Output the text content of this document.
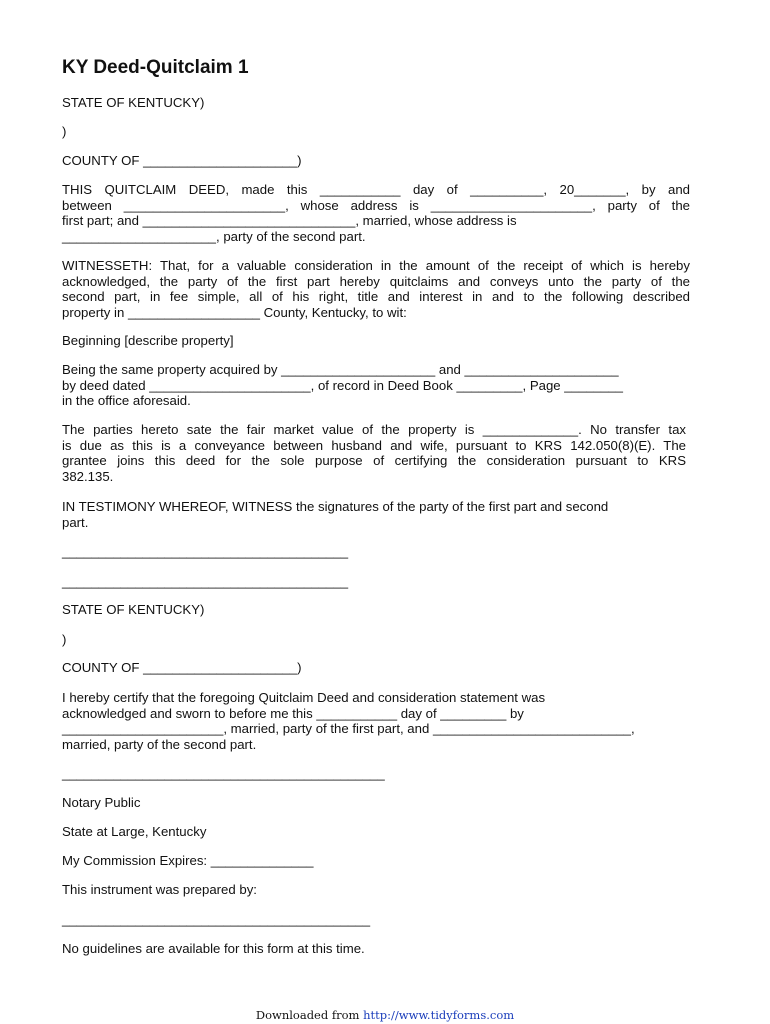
KY Deed-Quitclaim 1
STATE OF KENTUCKY)
)
COUNTY OF _____________________)
THIS QUITCLAIM DEED, made this ___________ day of __________, 20_______, by and
between ______________________, whose address is ______________________, party of the
first part; and _____________________________, married, whose address is
_____________________, party of the second part.
WITNESSETH: That, for a valuable consideration in the amount of the receipt of which is hereby
acknowledged, the party of the first part hereby quitclaims and conveys unto the party of the
second part, in fee simple, all of his right, title and interest in and to the following described
property in __________________ County, Kentucky, to wit:
Beginning [describe property]
Being the same property acquired by _____________________ and _____________________
by deed dated ______________________, of record in Deed Book _________, Page ________
in the office aforesaid.
The parties hereto sate the fair market value of the property is _____________. No transfer tax
is due as this is a conveyance between husband and wife, pursuant to KRS 142.050(8)(E). The
grantee joins this deed for the sole purpose of certifying the consideration pursuant to KRS
382.135.
IN TESTIMONY WHEREOF, WITNESS the signatures of the party of the first part and second
part.
_______________________________________
_______________________________________
STATE OF KENTUCKY)
)
COUNTY OF _____________________)
I hereby certify that the foregoing Quitclaim Deed and consideration statement was
acknowledged and sworn to before me this ___________ day of _________ by
______________________, married, party of the first part, and ___________________________,
married, party of the second part.
____________________________________________
Notary Public
State at Large, Kentucky
My Commission Expires: ______________
This instrument was prepared by:
__________________________________________
No guidelines are available for this form at this time.
Downloaded from http://www.tidyforms.com
